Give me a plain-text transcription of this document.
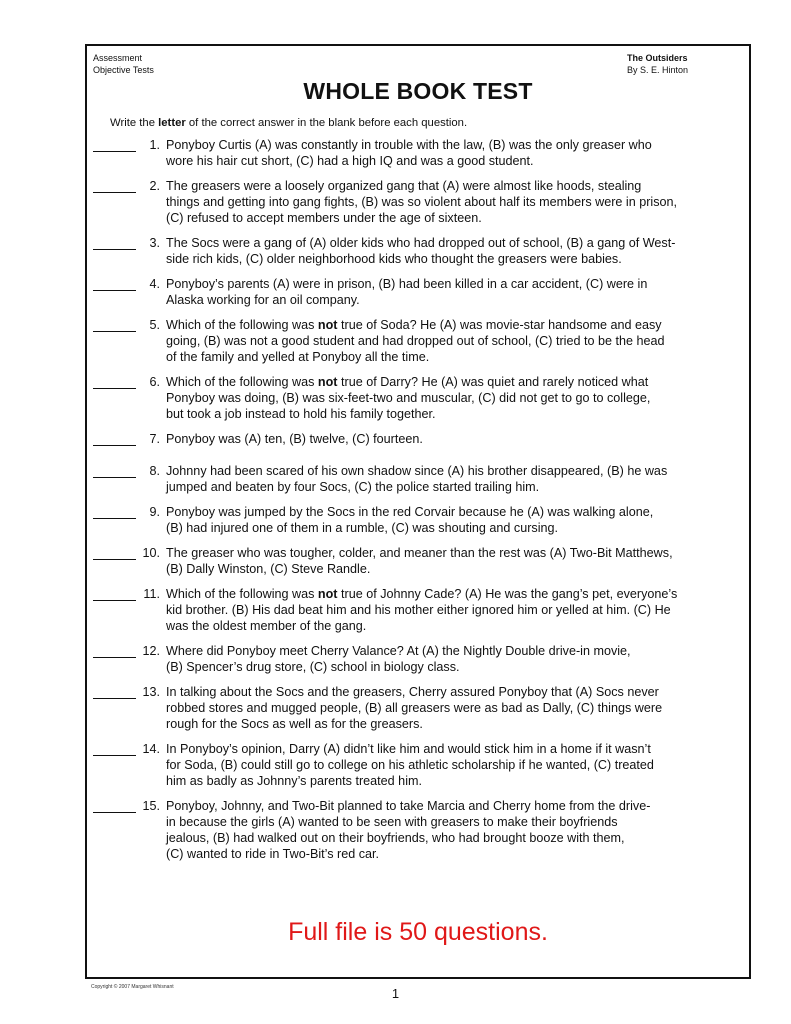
Assessment
Objective Tests
The Outsiders
By S. E. Hinton
WHOLE BOOK TEST
Write the letter of the correct answer in the blank before each question.
1. Ponyboy Curtis (A) was constantly in trouble with the law, (B) was the only greaser who
wore his hair cut short, (C) had a high IQ and was a good student.
2. The greasers were a loosely organized gang that (A) were almost like hoods, stealing
things and getting into gang fights, (B) was so violent about half its members were in prison,
(C) refused to accept members under the age of sixteen.
3. The Socs were a gang of (A) older kids who had dropped out of school, (B) a gang of West-
side rich kids, (C) older neighborhood kids who thought the greasers were babies.
4. Ponyboy’s parents (A) were in prison, (B) had been killed in a car accident, (C) were in
Alaska working for an oil company.
5. Which of the following was not true of Soda? He (A) was movie-star handsome and easy
going, (B) was not a good student and had dropped out of school, (C) tried to be the head
of the family and yelled at Ponyboy all the time.
6. Which of the following was not true of Darry? He (A) was quiet and rarely noticed what
Ponyboy was doing, (B) was six-feet-two and muscular, (C) did not get to go to college,
but took a job instead to hold his family together.
7. Ponyboy was (A) ten, (B) twelve, (C) fourteen.
8. Johnny had been scared of his own shadow since (A) his brother disappeared, (B) he was
jumped and beaten by four Socs, (C) the police started trailing him.
9. Ponyboy was jumped by the Socs in the red Corvair because he (A) was walking alone,
(B) had injured one of them in a rumble, (C) was shouting and cursing.
10. The greaser who was tougher, colder, and meaner than the rest was (A) Two-Bit Matthews,
(B) Dally Winston, (C) Steve Randle.
11. Which of the following was not true of Johnny Cade? (A) He was the gang’s pet, everyone’s
kid brother. (B) His dad beat him and his mother either ignored him or yelled at him. (C) He
was the oldest member of the gang.
12. Where did Ponyboy meet Cherry Valance? At (A) the Nightly Double drive-in movie,
(B) Spencer’s drug store, (C) school in biology class.
13. In talking about the Socs and the greasers, Cherry assured Ponyboy that (A) Socs never
robbed stores and mugged people, (B) all greasers were as bad as Dally, (C) things were
rough for the Socs as well as for the greasers.
14. In Ponyboy’s opinion, Darry (A) didn’t like him and would stick him in a home if it wasn’t
for Soda, (B) could still go to college on his athletic scholarship if he wanted, (C) treated
him as badly as Johnny’s parents treated him.
15. Ponyboy, Johnny, and Two-Bit planned to take Marcia and Cherry home from the drive-
in because the girls (A) wanted to be seen with greasers to make their boyfriends
jealous, (B) had walked out on their boyfriends, who had brought booze with them,
(C) wanted to ride in Two-Bit’s red car.
Full file is 50 questions.
Copyright © 2007 Margaret Whisnant	1
